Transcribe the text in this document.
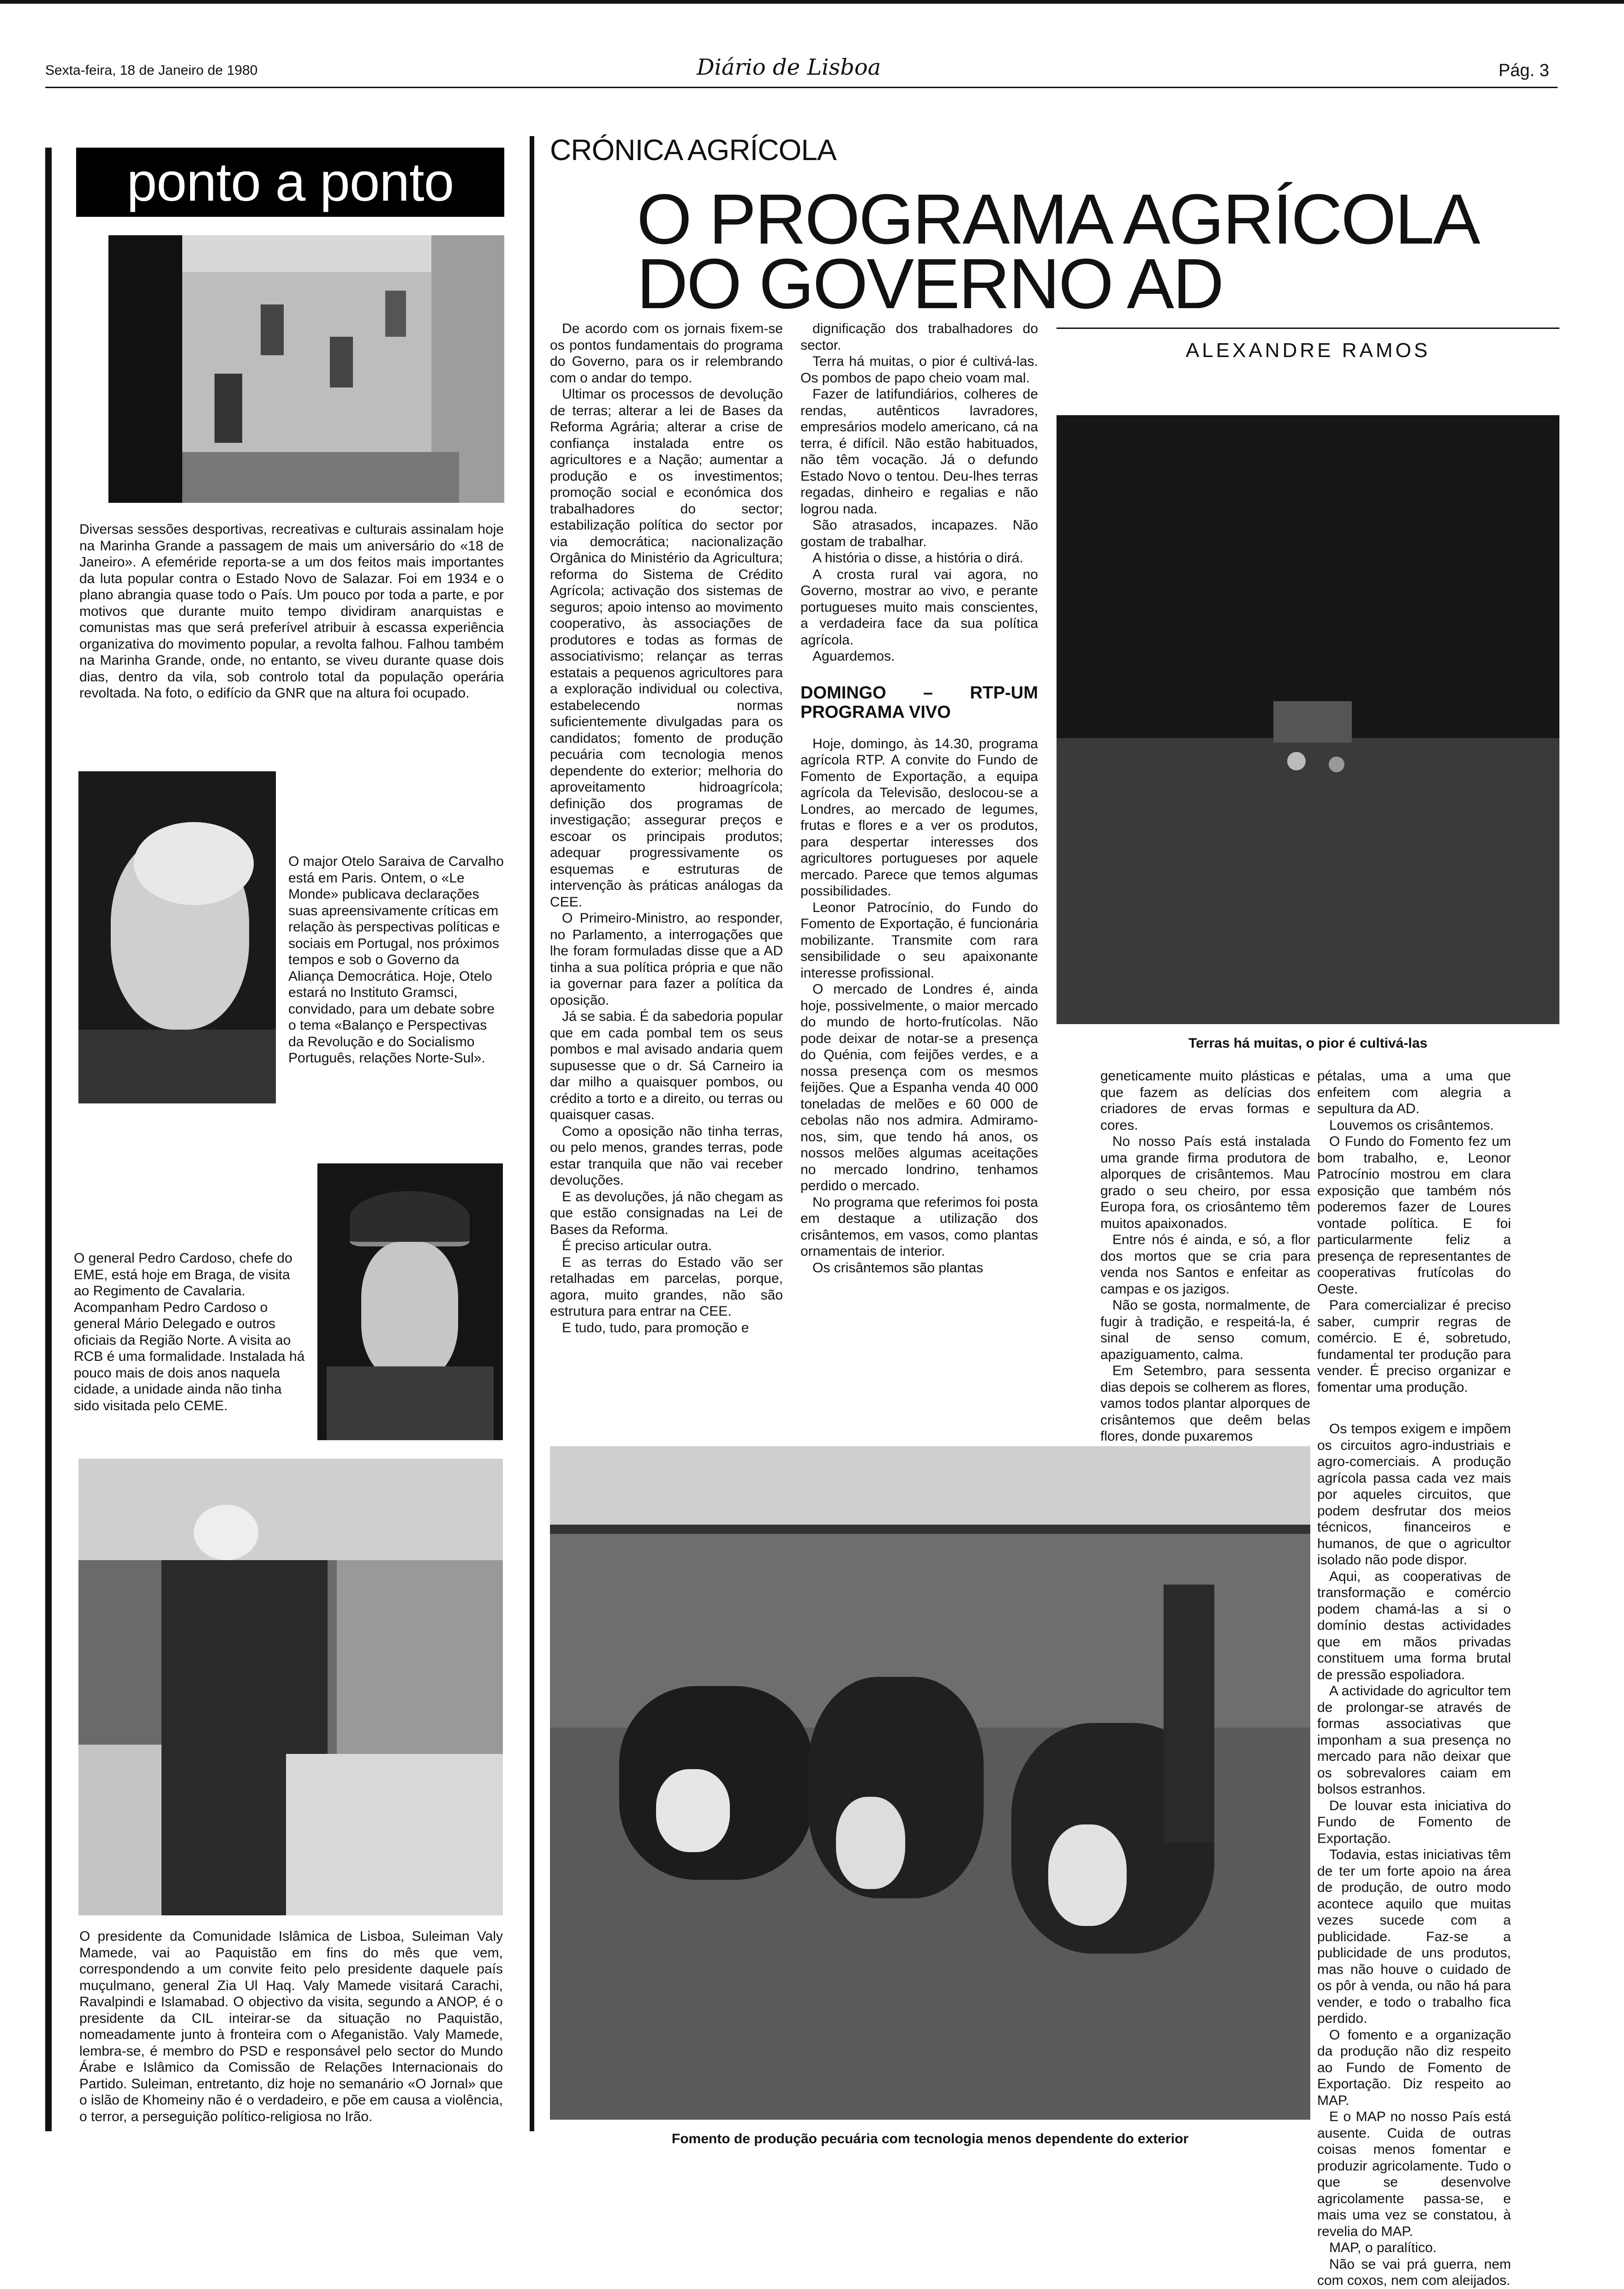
Sexta-feira, 18 de Janeiro de 1980	Diário de Lisboa	Pág. 3
ponto a ponto
Diversas sessões desportivas, recreativas e culturais assinalam hoje na Marinha Grande a passagem de mais um aniversário do «18 de Janeiro». A efeméride reporta-se a um dos feitos mais importantes da luta popular contra o Estado Novo de Salazar. Foi em 1934 e o plano abrangia quase todo o País. Um pouco por toda a parte, e por motivos que durante muito tempo dividiram anarquistas e comunistas mas que será preferível atribuir à escassa experiência organizativa do movimento popular, a revolta falhou. Falhou também na Marinha Grande, onde, no entanto, se viveu durante quase dois dias, dentro da vila, sob controlo total da população operária revoltada. Na foto, o edifício da GNR que na altura foi ocupado.
O major Otelo Saraiva de Carvalho está em Paris. Ontem, o «Le Monde» publicava declarações suas apreensivamente críticas em relação às perspectivas políticas e sociais em Portugal, nos próximos tempos e sob o Governo da Aliança Democrática. Hoje, Otelo estará no Instituto Gramsci, convidado, para um debate sobre o tema «Balanço e Perspectivas da Revolução e do Socialismo Português, relações Norte-Sul».
O general Pedro Cardoso, chefe do EME, está hoje em Braga, de visita ao Regimento de Cavalaria. Acompanham Pedro Cardoso o general Mário Delegado e outros oficiais da Região Norte. A visita ao RCB é uma formalidade. Instalada há pouco mais de dois anos naquela cidade, a unidade ainda não tinha sido visitada pelo CEME.
O presidente da Comunidade Islâmica de Lisboa, Suleiman Valy Mamede, vai ao Paquistão em fins do mês que vem, correspondendo a um convite feito pelo presidente daquele país muçulmano, general Zia Ul Haq. Valy Mamede visitará Carachi, Ravalpindi e Islamabad. O objectivo da visita, segundo a ANOP, é o presidente da CIL inteirar-se da situação no Paquistão, nomeadamente junto à fronteira com o Afeganistão. Valy Mamede, lembra-se, é membro do PSD e responsável pelo sector do Mundo Árabe e Islâmico da Comissão de Relações Internacionais do Partido. Suleiman, entretanto, diz hoje no semanário «O Jornal» que o islão de Khomeiny não é o verdadeiro, e põe em causa a violência, o terror, a perseguição político-religiosa no Irão.
CRÓNICA AGRÍCOLA
O PROGRAMA AGRÍCOLA
DO GOVERNO AD
ALEXANDRE RAMOS
De acordo com os jornais fixem-se os pontos fundamentais do programa do Governo, para os ir relembrando com o andar do tempo.
Ultimar os processos de devolução de terras; alterar a lei de Bases da Reforma Agrária; alterar a crise de confiança instalada entre os agricultores e a Nação; aumentar a produção e os investimentos; promoção social e económica dos trabalhadores do sector; estabilização política do sector por via democrática; nacionalização Orgânica do Ministério da Agricultura; reforma do Sistema de Crédito Agrícola; activação dos sistemas de seguros; apoio intenso ao movimento cooperativo, às associações de produtores e todas as formas de associativismo; relançar as terras estatais a pequenos agricultores para a exploração individual ou colectiva, estabelecendo normas suficientemente divulgadas para os candidatos; fomento de produção pecuária com tecnologia menos dependente do exterior; melhoria do aproveitamento hidroagrícola; definição dos programas de investigação; assegurar preços e escoar os principais produtos; adequar progressivamente os esquemas e estruturas de intervenção às práticas análogas da CEE.
O Primeiro-Ministro, ao responder, no Parlamento, a interrogações que lhe foram formuladas disse que a AD tinha a sua política própria e que não ia governar para fazer a política da oposição.
Já se sabia. É da sabedoria popular que em cada pombal tem os seus pombos e mal avisado andaria quem supusesse que o dr. Sá Carneiro ia dar milho a quaisquer pombos, ou crédito a torto e a direito, ou terras ou quaisquer casas.
Como a oposição não tinha terras, ou pelo menos, grandes terras, pode estar tranquila que não vai receber devoluções.
E as devoluções, já não chegam as que estão consignadas na Lei de Bases da Reforma.
É preciso articular outra.
E as terras do Estado vão ser retalhadas em parcelas, porque, agora, muito grandes, não são estrutura para entrar na CEE.
E tudo, tudo, para promoção e
dignificação dos trabalhadores do sector.
Terra há muitas, o pior é cultivá-las. Os pombos de papo cheio voam mal.
Fazer de latifundiários, colheres de rendas, autênticos lavradores, empresários modelo americano, cá na terra, é difícil. Não estão habituados, não têm vocação. Já o defundo Estado Novo o tentou. Deu-lhes terras regadas, dinheiro e regalias e não logrou nada.
São atrasados, incapazes. Não gostam de trabalhar.
A história o disse, a história o dirá.
A crosta rural vai agora, no Governo, mostrar ao vivo, e perante portugueses muito mais conscientes, a verdadeira face da sua política agrícola.
Aguardemos.
DOMINGO – RTP-UM PROGRAMA VIVO
Hoje, domingo, às 14.30, programa agrícola RTP. A convite do Fundo de Fomento de Exportação, a equipa agrícola da Televisão, deslocou-se a Londres, ao mercado de legumes, frutas e flores e a ver os produtos, para despertar interesses dos agricultores portugueses por aquele mercado. Parece que temos algumas possibilidades.
Leonor Patrocínio, do Fundo do Fomento de Exportação, é funcionária mobilizante. Transmite com rara sensibilidade o seu apaixonante interesse profissional.
O mercado de Londres é, ainda hoje, possivelmente, o maior mercado do mundo de horto-frutícolas. Não pode deixar de notar-se a presença do Quénia, com feijões verdes, e a nossa presença com os mesmos feijões. Que a Espanha venda 40 000 toneladas de melões e 60 000 de cebolas não nos admira. Admiramo-nos, sim, que tendo há anos, os nossos melões algumas aceitações no mercado londrino, tenhamos perdido o mercado.
No programa que referimos foi posta em destaque a utilização dos crisântemos, em vasos, como plantas ornamentais de interior.
Os crisântemos são plantas
Terras há muitas, o pior é cultivá-las
geneticamente muito plásticas e que fazem as delícias dos criadores de ervas formas e cores.
No nosso País está instalada uma grande firma produtora de alporques de crisântemos. Mau grado o seu cheiro, por essa Europa fora, os criosântemo têm muitos apaixonados.
Entre nós é ainda, e só, a flor dos mortos que se cria para venda nos Santos e enfeitar as campas e os jazigos.
Não se gosta, normalmente, de fugir à tradição, e respeitá-la, é sinal de senso comum, apaziguamento, calma.
Em Setembro, para sessenta dias depois se colherem as flores, vamos todos plantar alporques de crisântemos que deêm belas flores, donde puxaremos
pétalas, uma a uma que enfeitem com alegria a sepultura da AD.
Louvemos os crisântemos.
O Fundo do Fomento fez um bom trabalho, e, Leonor Patrocínio mostrou em clara exposição que também nós poderemos fazer de Loures vontade política. E foi particularmente feliz a presença de representantes de cooperativas frutícolas do Oeste.
Para comercializar é preciso saber, cumprir regras de comércio. E é, sobretudo, fundamental ter produção para vender. É preciso organizar e fomentar uma produção.
Os tempos exigem e impõem os circuitos agro-industriais e agro-comerciais. A produção agrícola passa cada vez mais por aqueles circuitos, que podem desfrutar dos meios técnicos, financeiros e humanos, de que o agricultor isolado não pode dispor.
Aqui, as cooperativas de transformação e comércio podem chamá-las a si o domínio destas actividades que em mãos privadas constituem uma forma brutal de pressão espoliadora.
A actividade do agricultor tem de prolongar-se através de formas associativas que imponham a sua presença no mercado para não deixar que os sobrevalores caiam em bolsos estranhos.
De louvar esta iniciativa do Fundo de Fomento de Exportação.
Todavia, estas iniciativas têm de ter um forte apoio na área de produção, de outro modo acontece aquilo que muitas vezes sucede com a publicidade. Faz-se a publicidade de uns produtos, mas não houve o cuidado de os pôr à venda, ou não há para vender, e todo o trabalho fica perdido.
O fomento e a organização da produção não diz respeito ao Fundo de Fomento de Exportação. Diz respeito ao MAP.
E o MAP no nosso País está ausente. Cuida de outras coisas menos fomentar e produzir agricolamente. Tudo o que se desenvolve agricolamente passa-se, e mais uma vez se constatou, à revelia do MAP.
MAP, o paralítico.
Não se vai prá guerra, nem com coxos, nem com aleijados.
Fomento de produção pecuária com tecnologia menos dependente do exterior
